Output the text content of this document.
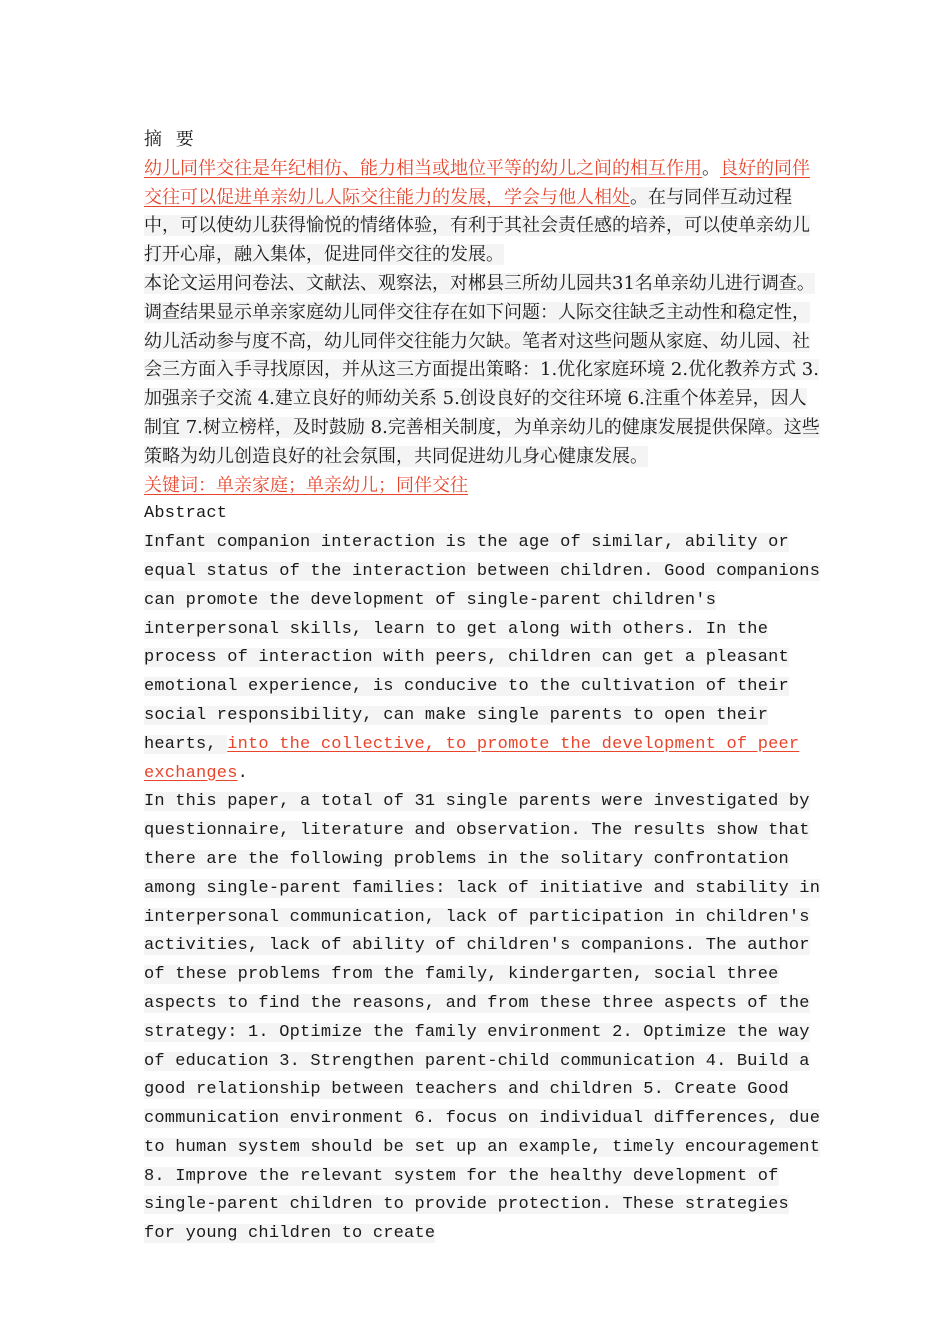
摘 要

幼儿同伴交往是年纪相仿、能力相当或地位平等的幼儿之间的相互作用。良好的同伴交往可以促进单亲幼儿人际交往能力的发展，学会与他人相处。在与同伴互动过程中，可以使幼儿获得愉悦的情绪体验，有利于其社会责任感的培养，可以使单亲幼儿打开心扉，融入集体，促进同伴交往的发展。

本论文运用问卷法、文献法、观察法，对郴县三所幼儿园共31名单亲幼儿进行调查。调查结果显示单亲家庭幼儿同伴交往存在如下问题：人际交往缺乏主动性和稳定性，幼儿活动参与度不高，幼儿同伴交往能力欠缺。笔者对这些问题从家庭、幼儿园、社会三方面入手寻找原因，并从这三方面提出策略：1.优化家庭环境 2.优化教养方式 3.加强亲子交流 4.建立良好的师幼关系 5.创设良好的交往环境 6.注重个体差异，因人制宜 7.树立榜样，及时鼓励 8.完善相关制度，为单亲幼儿的健康发展提供保障。这些策略为幼儿创造良好的社会氛围，共同促进幼儿身心健康发展。

关键词：单亲家庭；单亲幼儿；同伴交往

Abstract

Infant companion interaction is the age of similar, ability or equal status of the interaction between children. Good companions can promote the development of single-parent children's interpersonal skills, learn to get along with others. In the process of interaction with peers, children can get a pleasant emotional experience, is conducive to the cultivation of their social responsibility, can make single parents to open their hearts, into the collective, to promote the development of peer exchanges.

In this paper, a total of 31 single parents were investigated by questionnaire, literature and observation. The results show that there are the following problems in the solitary confrontation among single-parent families: lack of initiative and stability in interpersonal communication, lack of participation in children's activities, lack of ability of children's companions. The author of these problems from the family, kindergarten, social three aspects to find the reasons, and from these three aspects of the strategy: 1. Optimize the family environment 2. Optimize the way of education 3. Strengthen parent-child communication 4. Build a good relationship between teachers and children 5. Create Good communication environment 6. focus on individual differences, due to human system should be set up an example, timely encouragement 8. Improve the relevant system for the healthy development of single-parent children to provide protection. These strategies for young children to create
